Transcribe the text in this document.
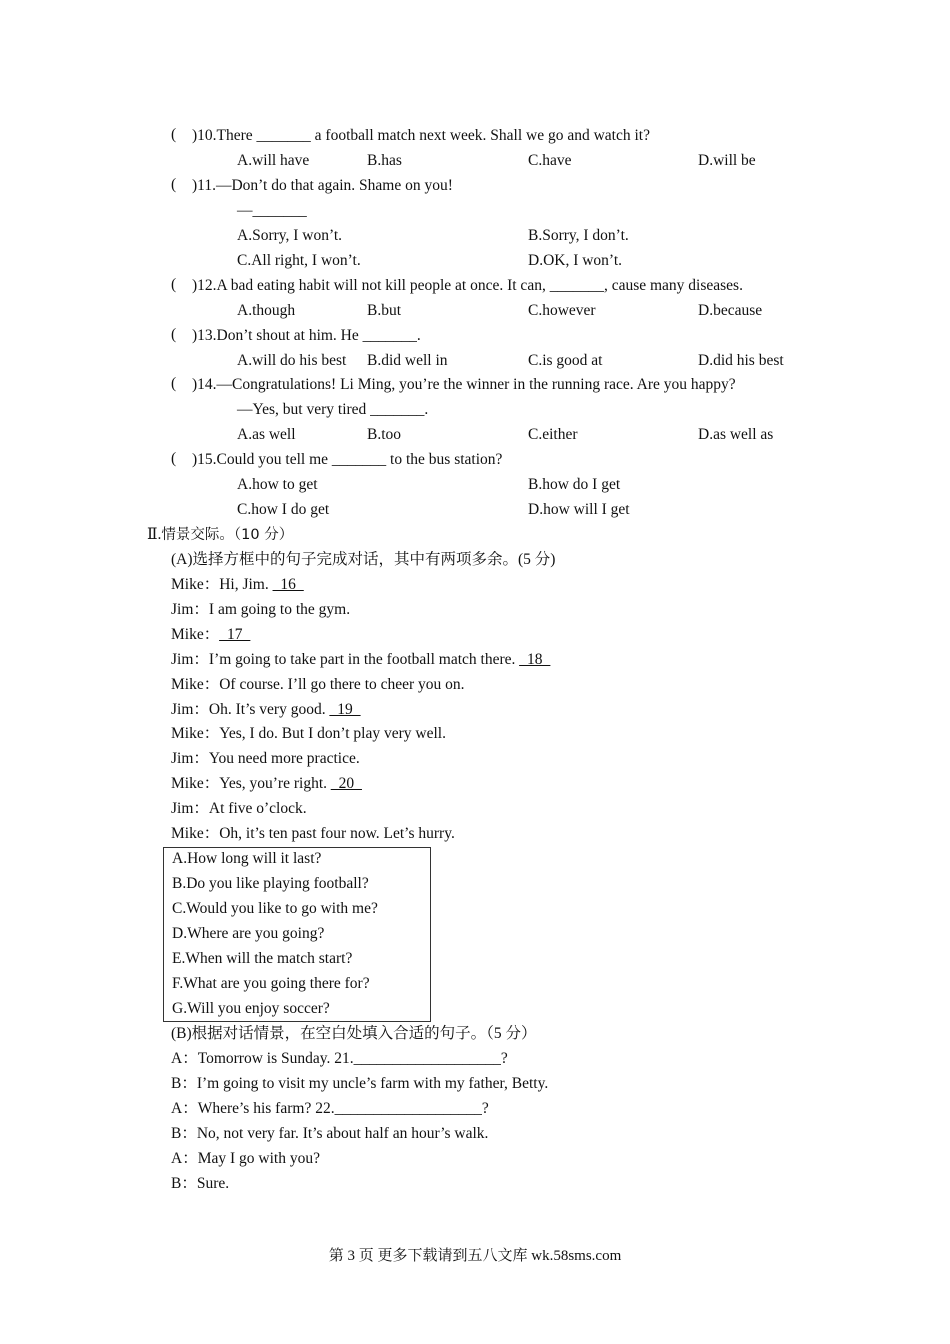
( )10.There _______ a football match next week. Shall we go and watch it?
A.will have	B.has	C.have	D.will be
( )11.—Don’t do that again. Shame on you!
—_______
A.Sorry, I won’t.	B.Sorry, I don’t.
C.All right, I won’t.	D.OK, I won’t.
( )12.A bad eating habit will not kill people at once. It can, _______, cause many diseases.
A.though	B.but	C.however	D.because
( )13.Don’t shout at him. He _______.
A.will do his best B.did well in	C.is good at	D.did his best
( )14.—Congratulations! Li Ming, you’re the winner in the running race. Are you happy?
—Yes, but very tired _______.
A.as well	B.too	C.either	D.as well as
( )15.Could you tell me _______ to the bus station?
A.how to get	B.how do I get
C.how I do get	D.how will I get
Ⅱ.情景交际。（10 分）
(A)选择方框中的句子完成对话，其中有两项多余。(5 分)
Mike：Hi, Jim. _16_
Jim：I am going to the gym.
Mike：_17_
Jim：I’m going to take part in the football match there. _18_
Mike：Of course. I’ll go there to cheer you on.
Jim：Oh. It’s very good. _19_
Mike：Yes, I do. But I don’t play very well.
Jim：You need more practice.
Mike：Yes, you’re right. _20_
Jim：At five o’clock.
Mike：Oh, it’s ten past four now. Let’s hurry.
A.How long will it last?
B.Do you like playing football?
C.Would you like to go with me?
D.Where are you going?
E.When will the match start?
F.What are you going there for?
G.Will you enjoy soccer?
(B)根据对话情景，在空白处填入合适的句子。（5 分）
A：Tomorrow is Sunday. 21.___________________?
B：I’m going to visit my uncle’s farm with my father, Betty.
A：Where’s his farm? 22.___________________?
B：No, not very far. It’s about half an hour’s walk.
A：May I go with you?
B：Sure.
第 3 页 更多下载请到五八文库 wk.58sms.com
